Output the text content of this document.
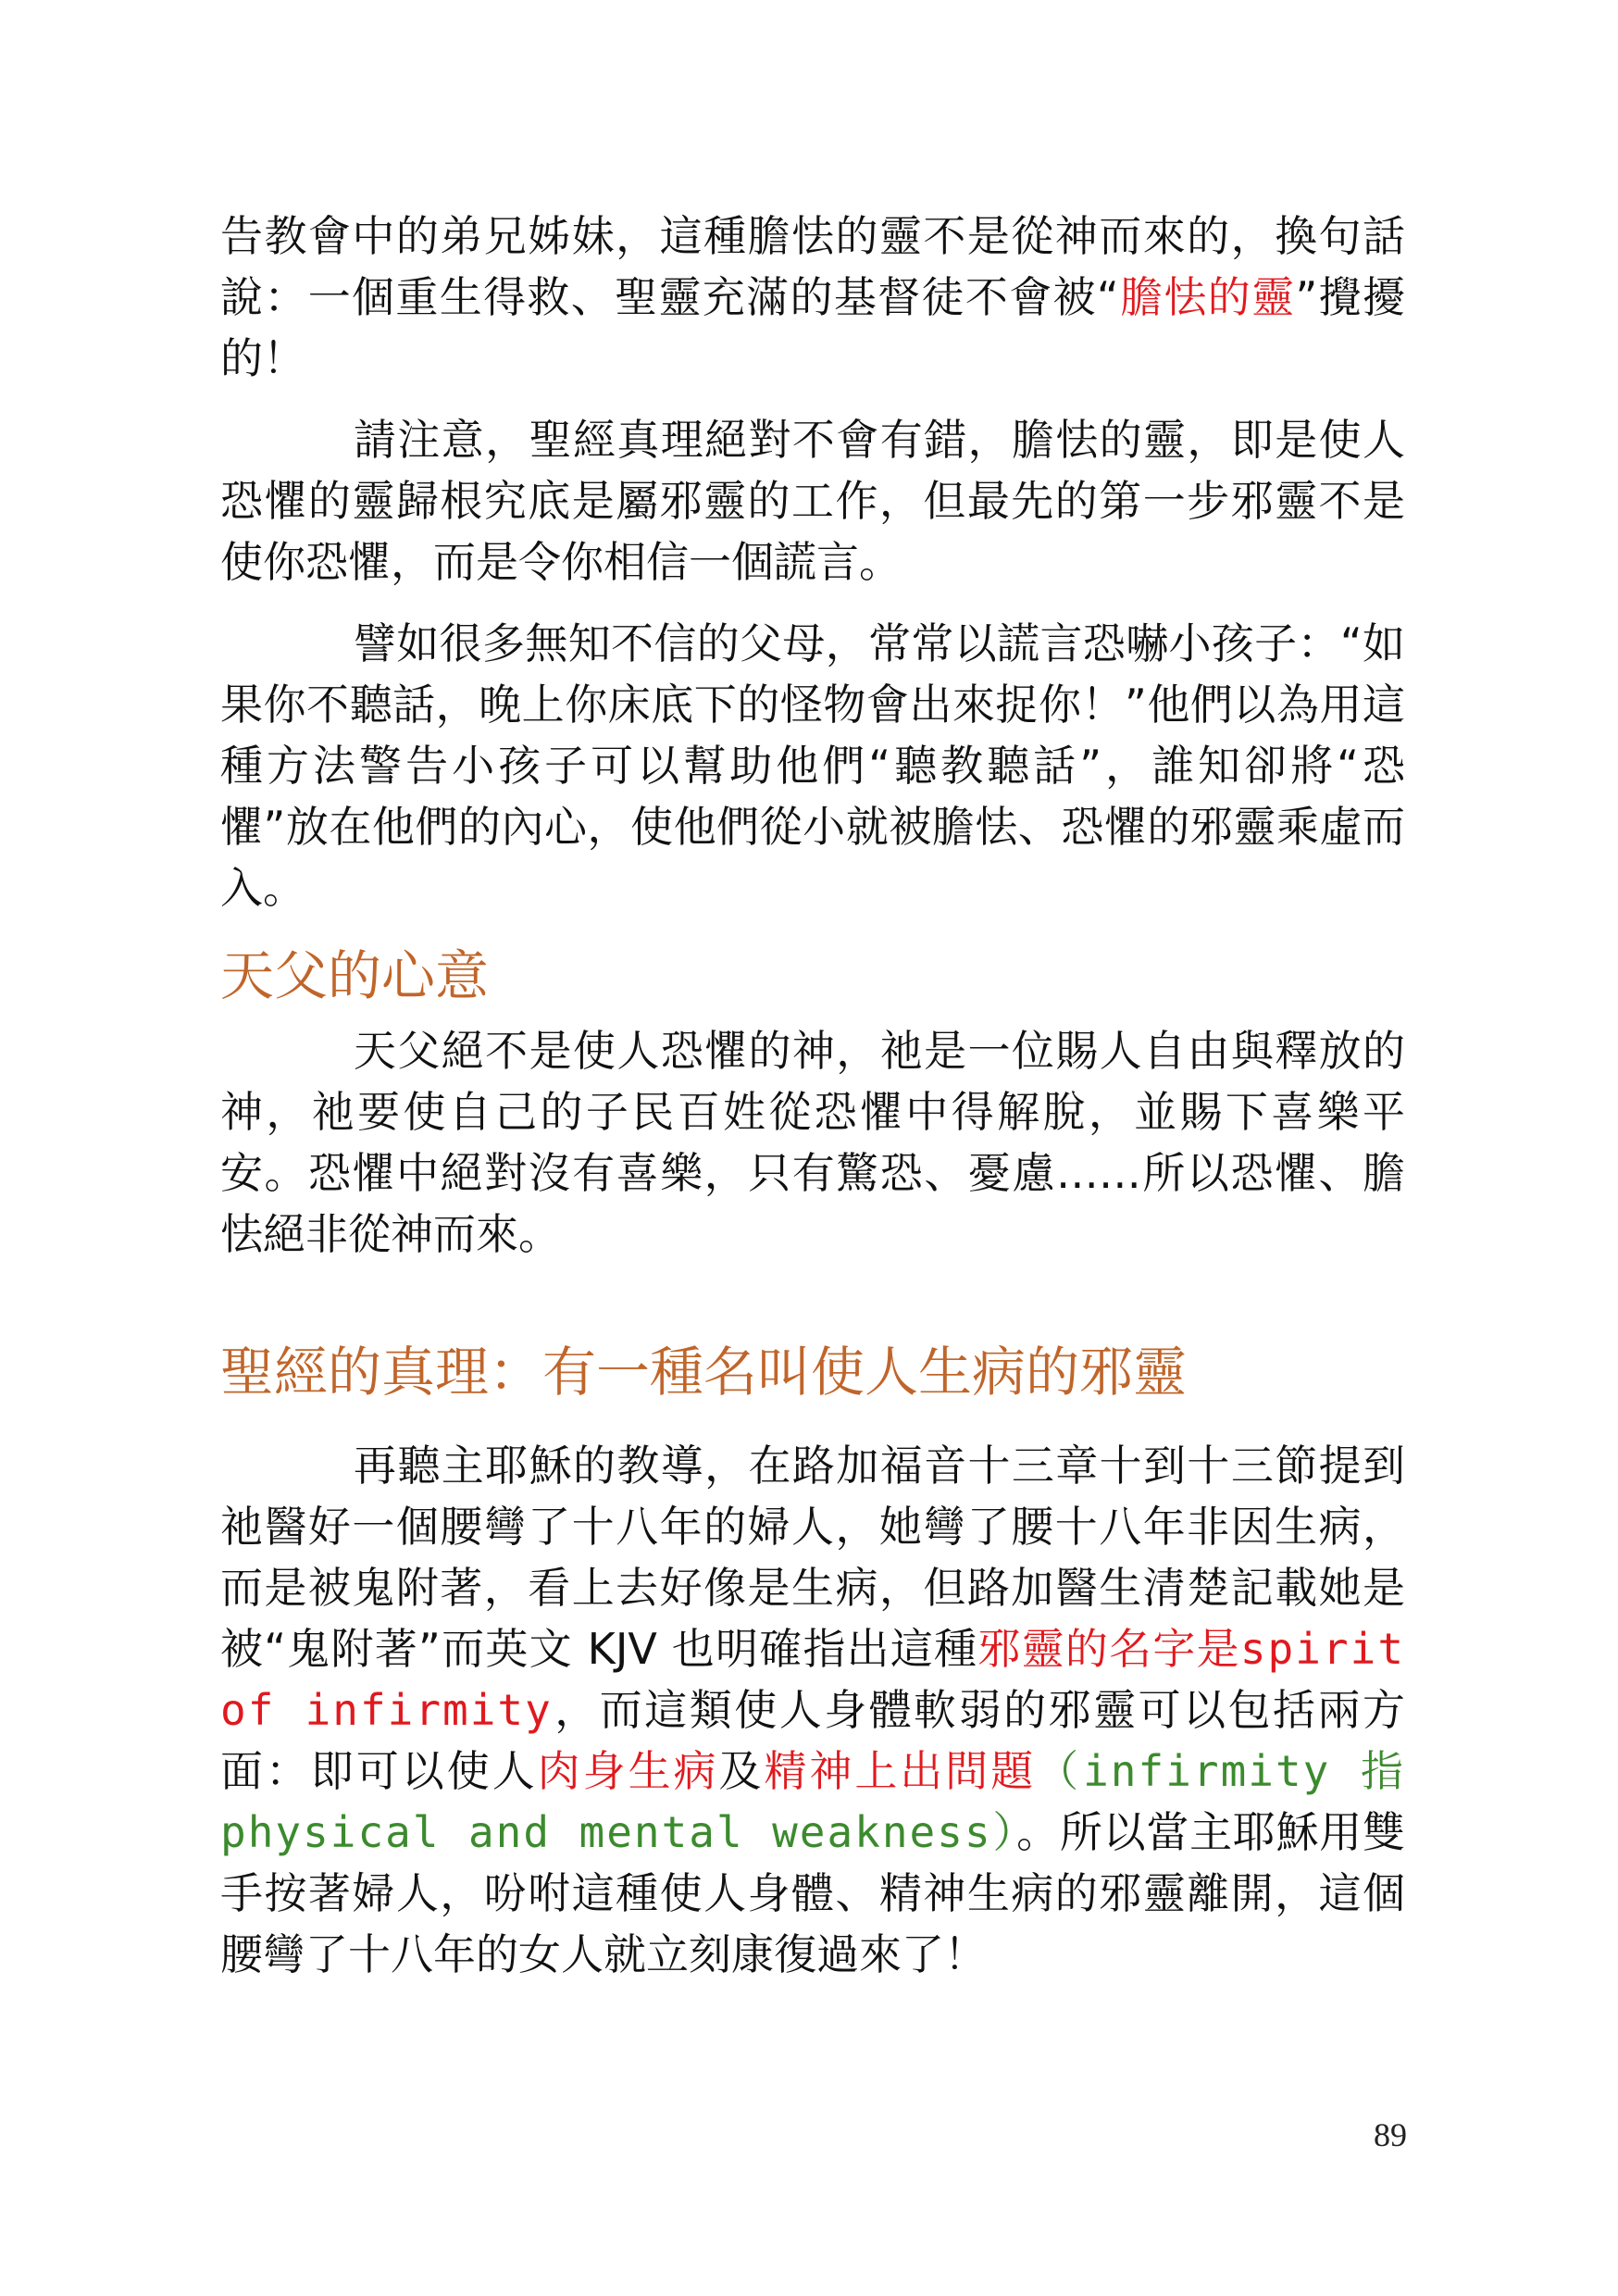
告教會中的弟兄姊妹，這種膽怯的靈不是從神而來的，換句話說：一個重生得救、聖靈充滿的基督徒不會被“膽怯的靈”攪擾的！

請注意，聖經真理絕對不會有錯，膽怯的靈，即是使人恐懼的靈歸根究底是屬邪靈的工作，但最先的第一步邪靈不是使你恐懼，而是令你相信一個謊言。

譬如很多無知不信的父母，常常以謊言恐嚇小孩子：“如果你不聽話，晚上你床底下的怪物會出來捉你！”他們以為用這種方法警告小孩子可以幫助他們“聽教聽話”，誰知卻將“恐懼”放在他們的內心，使他們從小就被膽怯、恐懼的邪靈乘虛而入。

天父的心意

天父絕不是使人恐懼的神，祂是一位賜人自由與釋放的神，祂要使自己的子民百姓從恐懼中得解脫，並賜下喜樂平安。恐懼中絕對沒有喜樂，只有驚恐、憂慮……所以恐懼、膽怯絕非從神而來。

聖經的真理：有一種名叫使人生病的邪靈

再聽主耶穌的教導，在路加福音十三章十到十三節提到祂醫好一個腰彎了十八年的婦人，她彎了腰十八年非因生病，而是被鬼附著，看上去好像是生病，但路加醫生清楚記載她是被“鬼附著”而英文 KJV 也明確指出這種邪靈的名字是spirit of infirmity，而這類使人身體軟弱的邪靈可以包括兩方面：即可以使人肉身生病及精神上出問題（infirmity 指 physical and mental weakness）。所以當主耶穌用雙手按著婦人，吩咐這種使人身體、精神生病的邪靈離開，這個腰彎了十八年的女人就立刻康復過來了！

89
